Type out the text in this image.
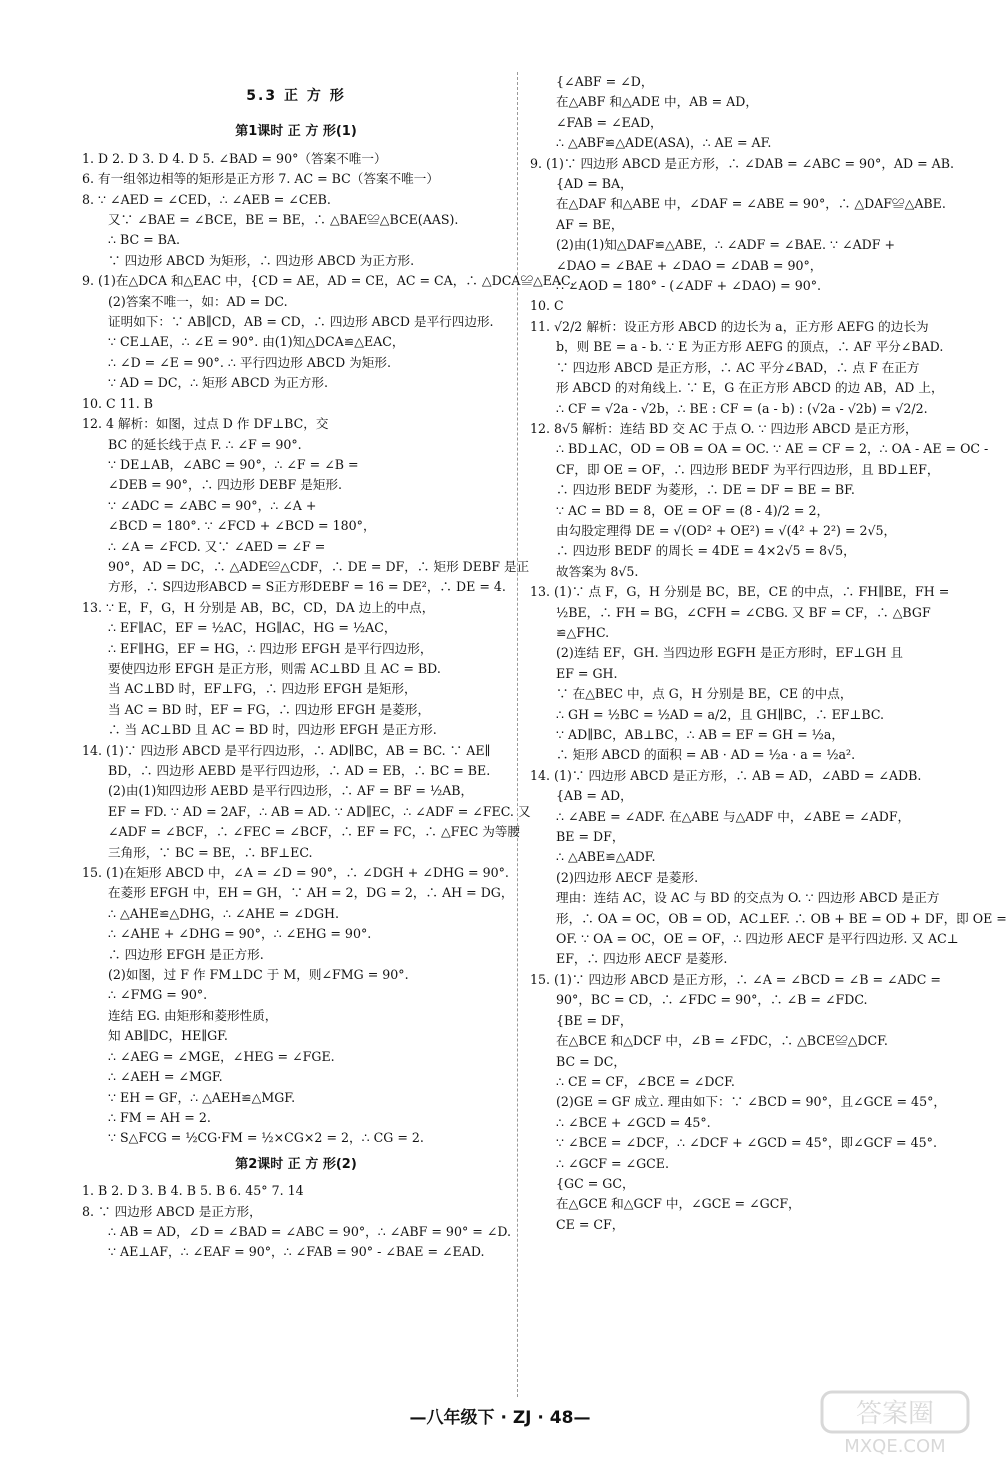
5.3 正 方 形
第1课时 正 方 形(1)
1. D 2. D 3. D 4. D 5. ∠BAD = 90°（答案不唯一）
6. 有一组邻边相等的矩形是正方形 7. AC = BC（答案不唯一）
8. ∵ ∠AED = ∠CED，∴ ∠AEB = ∠CEB.
又∵ ∠BAE = ∠BCE，BE = BE，∴ △BAE≌△BCE(AAS).
∴ BC = BA.
∵ 四边形 ABCD 为矩形，∴ 四边形 ABCD 为正方形.
9. (1)在△DCA 和△EAC 中，{CD = AE，AD = CE，AC = CA，∴ △DCA≌△EAC.
(2)答案不唯一，如：AD = DC.
证明如下：∵ AB∥CD，AB = CD，∴ 四边形 ABCD 是平行四边形.
∵ CE⊥AE，∴ ∠E = 90°. 由(1)知△DCA≌△EAC，
∴ ∠D = ∠E = 90°. ∴ 平行四边形 ABCD 为矩形.
∵ AD = DC，∴ 矩形 ABCD 为正方形.
10. C 11. B
12. 4 解析：如图，过点 D 作 DF⊥BC，交
BC 的延长线于点 F. ∴ ∠F = 90°.
∵ DE⊥AB，∠ABC = 90°，∴ ∠F = ∠B =
∠DEB = 90°，∴ 四边形 DEBF 是矩形.
∵ ∠ADC = ∠ABC = 90°，∴ ∠A +
∠BCD = 180°. ∵ ∠FCD + ∠BCD = 180°，
∴ ∠A = ∠FCD. 又∵ ∠AED = ∠F =
90°，AD = DC，∴ △ADE≌△CDF，∴ DE = DF，∴ 矩形 DEBF 是正
方形，∴ S四边形ABCD = S正方形DEBF = 16 = DE²，∴ DE = 4.
13. ∵ E，F，G，H 分别是 AB，BC，CD，DA 边上的中点，
∴ EF∥AC，EF = ½AC，HG∥AC，HG = ½AC，
∴ EF∥HG，EF = HG，∴ 四边形 EFGH 是平行四边形，
要使四边形 EFGH 是正方形，则需 AC⊥BD 且 AC = BD.
当 AC⊥BD 时，EF⊥FG，∴ 四边形 EFGH 是矩形，
当 AC = BD 时，EF = FG，∴ 四边形 EFGH 是菱形，
∴ 当 AC⊥BD 且 AC = BD 时，四边形 EFGH 是正方形.
14. (1)∵ 四边形 ABCD 是平行四边形，∴ AD∥BC，AB = BC. ∵ AE∥
BD，∴ 四边形 AEBD 是平行四边形，∴ AD = EB，∴ BC = BE.
(2)由(1)知四边形 AEBD 是平行四边形，∴ AF = BF = ½AB，
EF = FD. ∵ AD = 2AF，∴ AB = AD. ∵ AD∥EC，∴ ∠ADF = ∠FEC. 又
∠ADF = ∠BCF，∴ ∠FEC = ∠BCF，∴ EF = FC，∴ △FEC 为等腰
三角形，∵ BC = BE，∴ BF⊥EC.
15. (1)在矩形 ABCD 中，∠A = ∠D = 90°，∴ ∠DGH + ∠DHG = 90°.
在菱形 EFGH 中，EH = GH，∵ AH = 2，DG = 2，∴ AH = DG，
∴ △AHE≌△DHG，∴ ∠AHE = ∠DGH.
∴ ∠AHE + ∠DHG = 90°，∴ ∠EHG = 90°.
∴ 四边形 EFGH 是正方形.
(2)如图，过 F 作 FM⊥DC 于 M，则∠FMG = 90°.
∴ ∠FMG = 90°.
连结 EG. 由矩形和菱形性质，
知 AB∥DC，HE∥GF.
∴ ∠AEG = ∠MGE，∠HEG = ∠FGE.
∴ ∠AEH = ∠MGF.
∵ EH = GF，∴ △AEH≌△MGF.
∴ FM = AH = 2.
∵ S△FCG = ½CG·FM = ½×CG×2 = 2，∴ CG = 2.
第2课时 正 方 形(2)
1. B 2. D 3. B 4. B 5. B 6. 45° 7. 14
8. ∵ 四边形 ABCD 是正方形，
∴ AB = AD，∠D = ∠BAD = ∠ABC = 90°，∴ ∠ABF = 90° = ∠D.
∵ AE⊥AF，∴ ∠EAF = 90°，∴ ∠FAB = 90° - ∠BAE = ∠EAD.
{∠ABF = ∠D，
在△ABF 和△ADE 中，AB = AD，
∠FAB = ∠EAD，
∴ △ABF≌△ADE(ASA)，∴ AE = AF.
9. (1)∵ 四边形 ABCD 是正方形，∴ ∠DAB = ∠ABC = 90°，AD = AB.
{AD = BA，
在△DAF 和△ABE 中，∠DAF = ∠ABE = 90°，∴ △DAF≌△ABE.
AF = BE，
(2)由(1)知△DAF≌△ABE，∴ ∠ADF = ∠BAE. ∵ ∠ADF +
∠DAO = ∠BAE + ∠DAO = ∠DAB = 90°，
∴ ∠AOD = 180° - (∠ADF + ∠DAO) = 90°.
10. C
11. √2/2 解析：设正方形 ABCD 的边长为 a，正方形 AEFG 的边长为
b，则 BE = a - b. ∵ E 为正方形 AEFG 的顶点，∴ AF 平分∠BAD.
∵ 四边形 ABCD 是正方形，∴ AC 平分∠BAD，∴ 点 F 在正方
形 ABCD 的对角线上. ∵ E，G 在正方形 ABCD 的边 AB，AD 上，
∴ CF = √2a - √2b，∴ BE : CF = (a - b) : (√2a - √2b) = √2/2.
12. 8√5 解析：连结 BD 交 AC 于点 O. ∵ 四边形 ABCD 是正方形，
∴ BD⊥AC，OD = OB = OA = OC. ∵ AE = CF = 2，∴ OA - AE = OC -
CF，即 OE = OF，∴ 四边形 BEDF 为平行四边形，且 BD⊥EF，
∴ 四边形 BEDF 为菱形，∴ DE = DF = BE = BF.
∵ AC = BD = 8，OE = OF = (8 - 4)/2 = 2，
由勾股定理得 DE = √(OD² + OE²) = √(4² + 2²) = 2√5，
∴ 四边形 BEDF 的周长 = 4DE = 4×2√5 = 8√5，
故答案为 8√5.
13. (1)∵ 点 F，G，H 分别是 BC，BE，CE 的中点，∴ FH∥BE，FH =
½BE，∴ FH = BG，∠CFH = ∠CBG. 又 BF = CF，∴ △BGF
≌△FHC.
(2)连结 EF，GH. 当四边形 EGFH 是正方形时，EF⊥GH 且
EF = GH.
∵ 在△BEC 中，点 G，H 分别是 BE，CE 的中点，
∴ GH = ½BC = ½AD = a/2，且 GH∥BC，∴ EF⊥BC.
∵ AD∥BC，AB⊥BC，∴ AB = EF = GH = ½a，
∴ 矩形 ABCD 的面积 = AB · AD = ½a · a = ½a².
14. (1)∵ 四边形 ABCD 是正方形，∴ AB = AD，∠ABD = ∠ADB.
{AB = AD，
∴ ∠ABE = ∠ADF. 在△ABE 与△ADF 中，∠ABE = ∠ADF，
BE = DF，
∴ △ABE≌△ADF.
(2)四边形 AECF 是菱形.
理由：连结 AC，设 AC 与 BD 的交点为 O. ∵ 四边形 ABCD 是正方
形，∴ OA = OC，OB = OD，AC⊥EF. ∴ OB + BE = OD + DF，即 OE =
OF. ∵ OA = OC，OE = OF，∴ 四边形 AECF 是平行四边形. 又 AC⊥
EF，∴ 四边形 AECF 是菱形.
15. (1)∵ 四边形 ABCD 是正方形，∴ ∠A = ∠BCD = ∠B = ∠ADC =
90°，BC = CD，∴ ∠FDC = 90°，∴ ∠B = ∠FDC.
{BE = DF，
在△BCE 和△DCF 中，∠B = ∠FDC，∴ △BCE≌△DCF.
BC = DC，
∴ CE = CF，∠BCE = ∠DCF.
(2)GE = GF 成立. 理由如下：∵ ∠BCD = 90°，且∠GCE = 45°，
∴ ∠BCE + ∠GCD = 45°.
∵ ∠BCE = ∠DCF，∴ ∠DCF + ∠GCD = 45°，即∠GCF = 45°.
∴ ∠GCF = ∠GCE.
{GC = GC，
在△GCE 和△GCF 中，∠GCE = ∠GCF，
CE = CF，
—八年级下 · ZJ · 48—	答案圈
MXQE.COM
